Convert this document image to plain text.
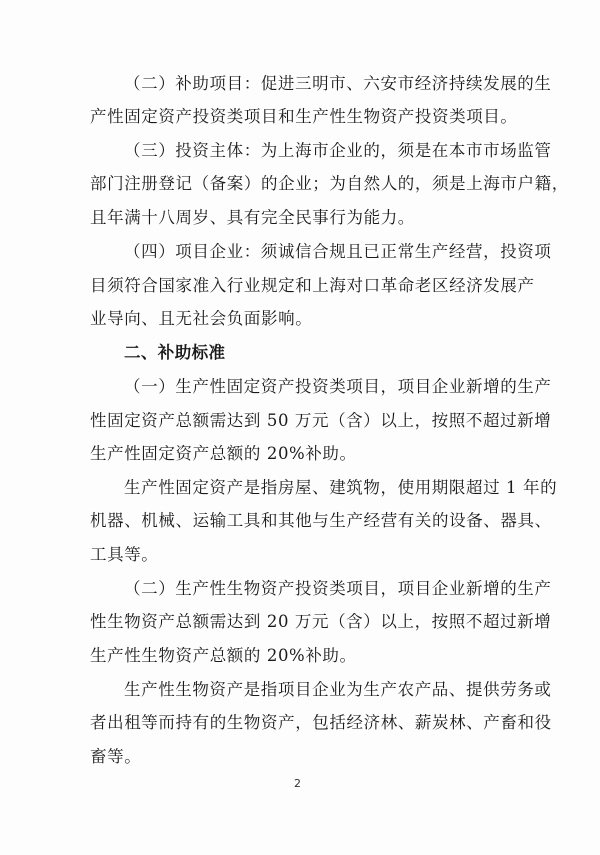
（二）补助项目：促进三明市、六安市经济持续发展的生
产性固定资产投资类项目和生产性生物资产投资类项目。
（三）投资主体：为上海市企业的，须是在本市市场监管
部门注册登记（备案）的企业；为自然人的，须是上海市户籍，
且年满十八周岁、具有完全民事行为能力。
（四）项目企业：须诚信合规且已正常生产经营，投资项
目须符合国家准入行业规定和上海对口革命老区经济发展产
业导向、且无社会负面影响。
二、补助标准
（一）生产性固定资产投资类项目，项目企业新增的生产
性固定资产总额需达到 50 万元（含）以上，按照不超过新增
生产性固定资产总额的 20%补助。
生产性固定资产是指房屋、建筑物，使用期限超过 1 年的
机器、机械、运输工具和其他与生产经营有关的设备、器具、
工具等。
（二）生产性生物资产投资类项目，项目企业新增的生产
性生物资产总额需达到 20 万元（含）以上，按照不超过新增
生产性生物资产总额的 20%补助。
生产性生物资产是指项目企业为生产农产品、提供劳务或
者出租等而持有的生物资产，包括经济林、薪炭林、产畜和役
畜等。
2
